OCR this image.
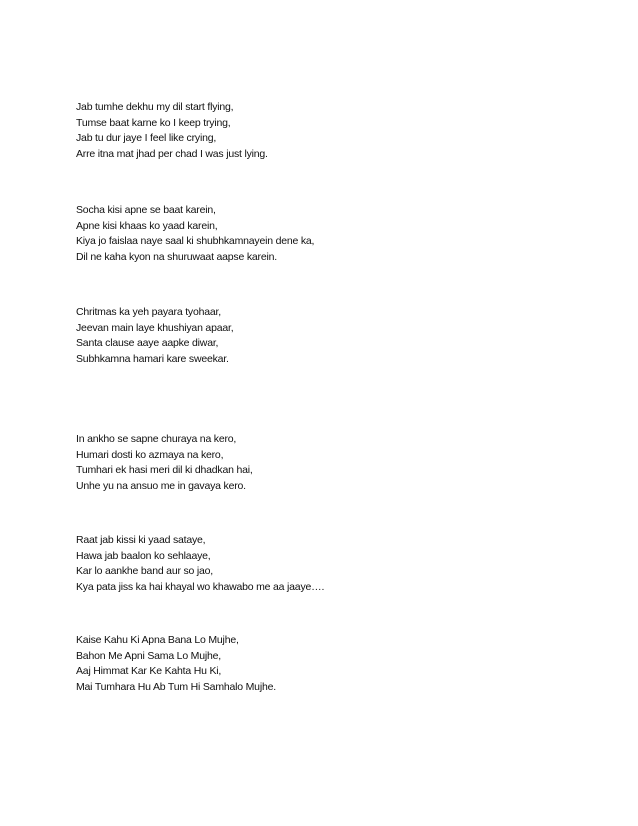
Jab tumhe dekhu my dil start flying,
Tumse baat karne ko I keep trying,
Jab tu dur jaye I feel like crying,
Arre itna mat jhad per chad I was just lying.
Socha kisi apne se baat karein,
Apne kisi khaas ko yaad karein,
Kiya jo faislaa naye saal ki shubhkamnayein dene ka,
Dil ne kaha kyon na shuruwaat aapse karein.
Chritmas ka yeh payara tyohaar,
Jeevan main laye khushiyan apaar,
Santa clause aaye aapke diwar,
Subhkamna hamari kare sweekar.
In ankho se sapne churaya na kero,
Humari dosti ko azmaya na kero,
Tumhari ek hasi meri dil ki dhadkan hai,
Unhe yu na ansuo me in gavaya kero.
Raat jab kissi ki yaad sataye,
Hawa jab baalon ko sehlaaye,
Kar lo aankhe band aur so jao,
Kya pata jiss ka hai khayal wo khawabo me aa jaaye….
Kaise Kahu Ki Apna Bana Lo Mujhe,
Bahon Me Apni Sama Lo Mujhe,
Aaj Himmat Kar Ke Kahta Hu Ki,
Mai Tumhara Hu Ab Tum Hi Samhalo Mujhe.
